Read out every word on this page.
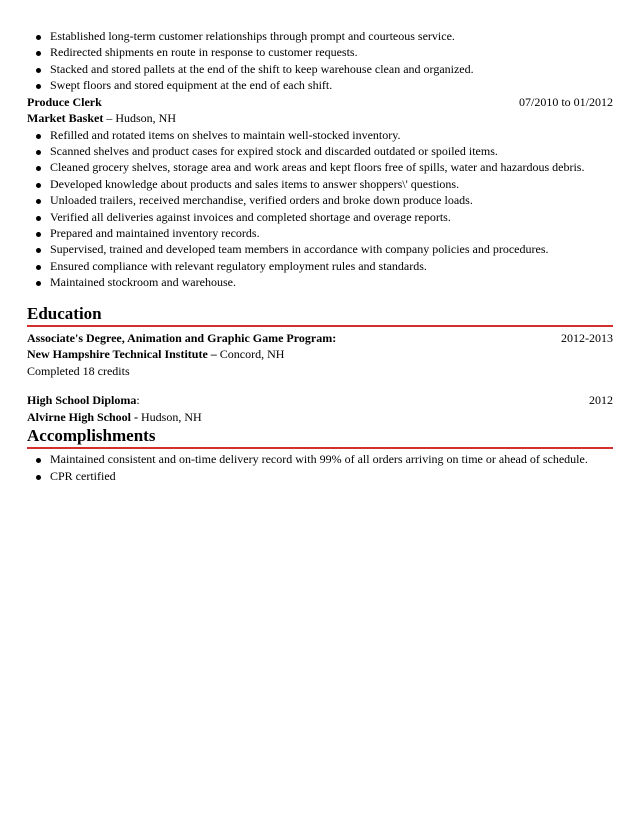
Established long-term customer relationships through prompt and courteous service.
Redirected shipments en route in response to customer requests.
Stacked and stored pallets at the end of the shift to keep warehouse clean and organized.
Swept floors and stored equipment at the end of each shift.
Produce Clerk	07/2010 to 01/2012
Market Basket – Hudson, NH
Refilled and rotated items on shelves to maintain well-stocked inventory.
Scanned shelves and product cases for expired stock and discarded outdated or spoiled items.
Cleaned grocery shelves, storage area and work areas and kept floors free of spills, water and hazardous debris.
Developed knowledge about products and sales items to answer shoppers\' questions.
Unloaded trailers, received merchandise, verified orders and broke down produce loads.
Verified all deliveries against invoices and completed shortage and overage reports.
Prepared and maintained inventory records.
Supervised, trained and developed team members in accordance with company policies and procedures.
Ensured compliance with relevant regulatory employment rules and standards.
Maintained stockroom and warehouse.
Education
Associate's Degree, Animation and Graphic Game Program:	2012-2013
New Hampshire Technical Institute – Concord, NH
Completed 18 credits
High School Diploma:	2012
Alvirne High School - Hudson, NH
Accomplishments
Maintained consistent and on-time delivery record with 99% of all orders arriving on time or ahead of schedule.
CPR certified
